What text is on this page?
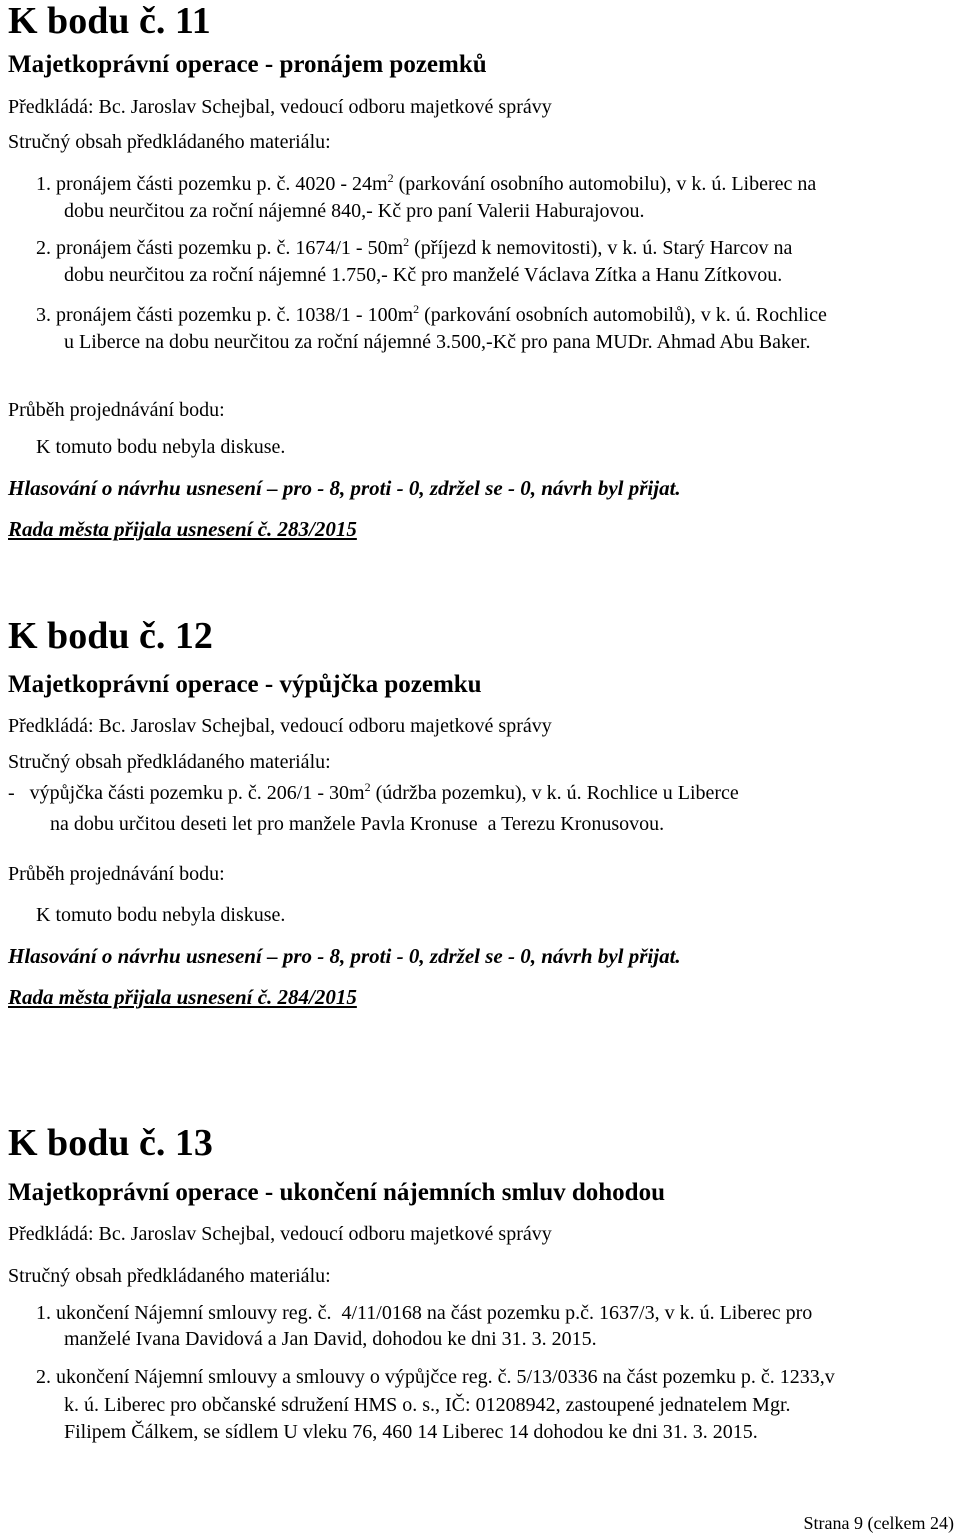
K bodu č. 11
Majetkoprávní operace - pronájem pozemků
Předkládá: Bc. Jaroslav Schejbal, vedoucí odboru majetkové správy
Stručný obsah předkládaného materiálu:
1. pronájem části pozemku p. č. $4020 - 24m^2$ (parkování osobního automobilu), v k. ú. Liberec na
dobu neurčitou za roční nájemné 840,- Kč pro paní Valerii Haburajovou.
2. pronájem části pozemku p. č. $1674/1 - 50m^2$ (příjezd k nemovitosti), v k. ú. Starý Harcov na
dobu neurčitou za roční nájemné 1.750,- Kč pro manželé Václava Zítka a Hanu Zítkovou.
3. pronájem části pozemku p. č. $1038/1 - 100m^2$ (parkování osobních automobilů), v k. ú. Rochlice
u Liberce na dobu neurčitou za roční nájemné 3.500,-Kč pro pana MUDr. Ahmad Abu Baker.
Průběh projednávání bodu:
K tomuto bodu nebyla diskuse.
Hlasování o návrhu usnesení – pro - 8, proti - 0, zdržel se - 0, návrh byl přijat.
Rada města přijala usnesení č. 283/2015
K bodu č. 12
Majetkoprávní operace - výpůjčka pozemku
Předkládá: Bc. Jaroslav Schejbal, vedoucí odboru majetkové správy
Stručný obsah předkládaného materiálu:
-   výpůjčka části pozemku p. č. $206/1 - 30m^2$ (údržba pozemku), v k. ú. Rochlice u Liberce
na dobu určitou deseti let pro manžele Pavla Kronuse  a Terezu Kronusovou.
Průběh projednávání bodu:
K tomuto bodu nebyla diskuse.
Hlasování o návrhu usnesení – pro - 8, proti - 0, zdržel se - 0, návrh byl přijat.
Rada města přijala usnesení č. 284/2015
K bodu č. 13
Majetkoprávní operace - ukončení nájemních smluv dohodou
Předkládá: Bc. Jaroslav Schejbal, vedoucí odboru majetkové správy
Stručný obsah předkládaného materiálu:
1. ukončení Nájemní smlouvy reg. č.  4/11/0168 na část pozemku p.č. 1637/3, v k. ú. Liberec pro
manželé Ivana Davidová a Jan David, dohodou ke dni 31. 3. 2015.
2. ukončení Nájemní smlouvy a smlouvy o výpůjčce reg. č. 5/13/0336 na část pozemku p. č. 1233,v
k. ú. Liberec pro občanské sdružení HMS o. s., IČ: 01208942, zastoupené jednatelem Mgr.
Filipem Čálkem, se sídlem U vleku 76, 460 14 Liberec 14 dohodou ke dni 31. 3. 2015.
Strana 9 (celkem 24)
